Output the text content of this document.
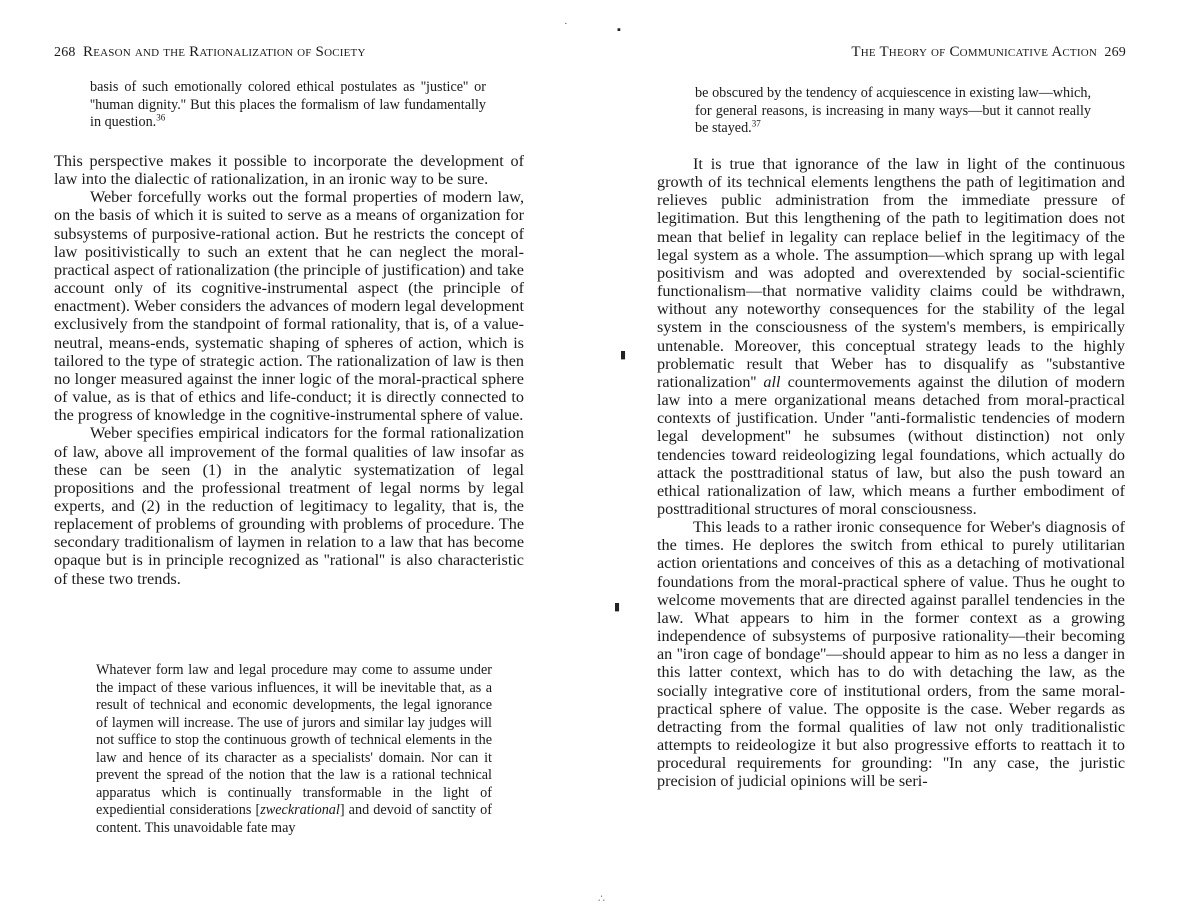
268 Reason and the Rationalization of Society

basis of such emotionally colored ethical postulates as ''justice'' or ''human dignity.'' But this places the formalism of law fundamentally in question.$^{36}$

This perspective makes it possible to incorporate the development of law into the dialectic of rationalization, in an ironic way to be sure.

Weber forcefully works out the formal properties of modern law, on the basis of which it is suited to serve as a means of organization for subsystems of purposive-rational action. But he restricts the concept of law positivistically to such an extent that he can neglect the moral-practical aspect of rationalization (the principle of justification) and take account only of its cognitive-instrumental aspect (the principle of enactment). Weber considers the advances of modern legal development exclusively from the standpoint of formal rationality, that is, of a value-neutral, means-ends, systematic shaping of spheres of action, which is tailored to the type of strategic action. The rationalization of law is then no longer measured against the inner logic of the moral-practical sphere of value, as is that of ethics and life-conduct; it is directly connected to the progress of knowledge in the cognitive-instrumental sphere of value.

Weber specifies empirical indicators for the formal rationalization of law, above all improvement of the formal qualities of law insofar as these can be seen (1) in the analytic systematization of legal propositions and the professional treatment of legal norms by legal experts, and (2) in the reduction of legitimacy to legality, that is, the replacement of problems of grounding with problems of procedure. The secondary traditionalism of laymen in relation to a law that has become opaque but is in principle recognized as ''rational'' is also characteristic of these two trends.

Whatever form law and legal procedure may come to assume under the impact of these various influences, it will be inevitable that, as a result of technical and economic developments, the legal ignorance of laymen will increase. The use of jurors and similar lay judges will not suffice to stop the continuous growth of technical elements in the law and hence of its character as a specialists' domain. Nor can it prevent the spread of the notion that the law is a rational technical apparatus which is continually transformable in the light of expediential considerations [zweckrational] and devoid of sanctity of content. This unavoidable fate may

·	▪
▮
▮
∴
The Theory of Communicative Action 269

be obscured by the tendency of acquiescence in existing law—which, for general reasons, is increasing in many ways—but it cannot really be stayed.$^{37}$

It is true that ignorance of the law in light of the continuous growth of its technical elements lengthens the path of legitimation and relieves public administration from the immediate pressure of legitimation. But this lengthening of the path to legitimation does not mean that belief in legality can replace belief in the legitimacy of the legal system as a whole. The assumption—which sprang up with legal positivism and was adopted and overextended by social-scientific functionalism—that normative validity claims could be withdrawn, without any noteworthy consequences for the stability of the legal system in the consciousness of the system's members, is empirically untenable. Moreover, this conceptual strategy leads to the highly problematic result that Weber has to disqualify as ''substantive rationalization'' all countermovements against the dilution of modern law into a mere organizational means detached from moral-practical contexts of justification. Under ''anti-formalistic tendencies of modern legal development'' he subsumes (without distinction) not only tendencies toward reideologizing legal foundations, which actually do attack the posttraditional status of law, but also the push toward an ethical rationalization of law, which means a further embodiment of posttraditional structures of moral consciousness.

This leads to a rather ironic consequence for Weber's diagnosis of the times. He deplores the switch from ethical to purely utilitarian action orientations and conceives of this as a detaching of motivational foundations from the moral-practical sphere of value. Thus he ought to welcome movements that are directed against parallel tendencies in the law. What appears to him in the former context as a growing independence of subsystems of purposive rationality—their becoming an ''iron cage of bondage''—should appear to him as no less a danger in this latter context, which has to do with detaching the law, as the socially integrative core of institutional orders, from the same moral-practical sphere of value. The opposite is the case. Weber regards as detracting from the formal qualities of law not only traditionalistic attempts to reideologize it but also progressive efforts to reattach it to procedural requirements for grounding: ''In any case, the juristic precision of judicial opinions will be seri-
